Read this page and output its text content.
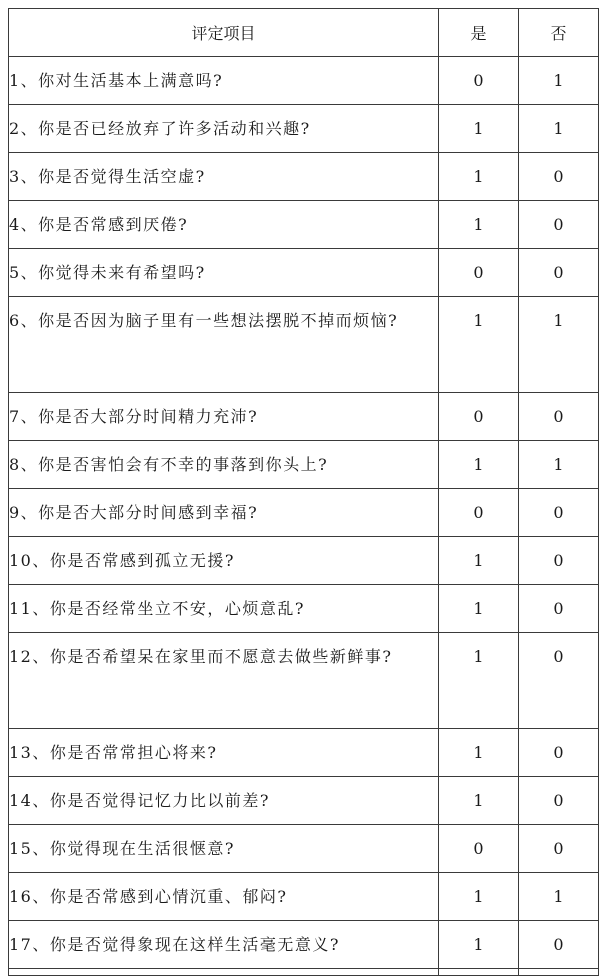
评定项目	是	否
1、你对生活基本上满意吗?	0	1
2、你是否已经放弃了许多活动和兴趣?	1	1
3、你是否觉得生活空虚?	1	0
4、你是否常感到厌倦?	1	0
5、你觉得未来有希望吗?	0	0
6、你是否因为脑子里有一些想法摆脱不掉而烦恼?	1	1
7、你是否大部分时间精力充沛?	0	0
8、你是否害怕会有不幸的事落到你头上?	1	1
9、你是否大部分时间感到幸福?	0	0
10、你是否常感到孤立无援?	1	0
11、你是否经常坐立不安，心烦意乱?	1	0
12、你是否希望呆在家里而不愿意去做些新鲜事?	1	0
13、你是否常常担心将来?	1	0
14、你是否觉得记忆力比以前差?	1	0
15、你觉得现在生活很惬意?	0	0
16、你是否常感到心情沉重、郁闷?	1	1
17、你是否觉得象现在这样生活毫无意义?	1	0
